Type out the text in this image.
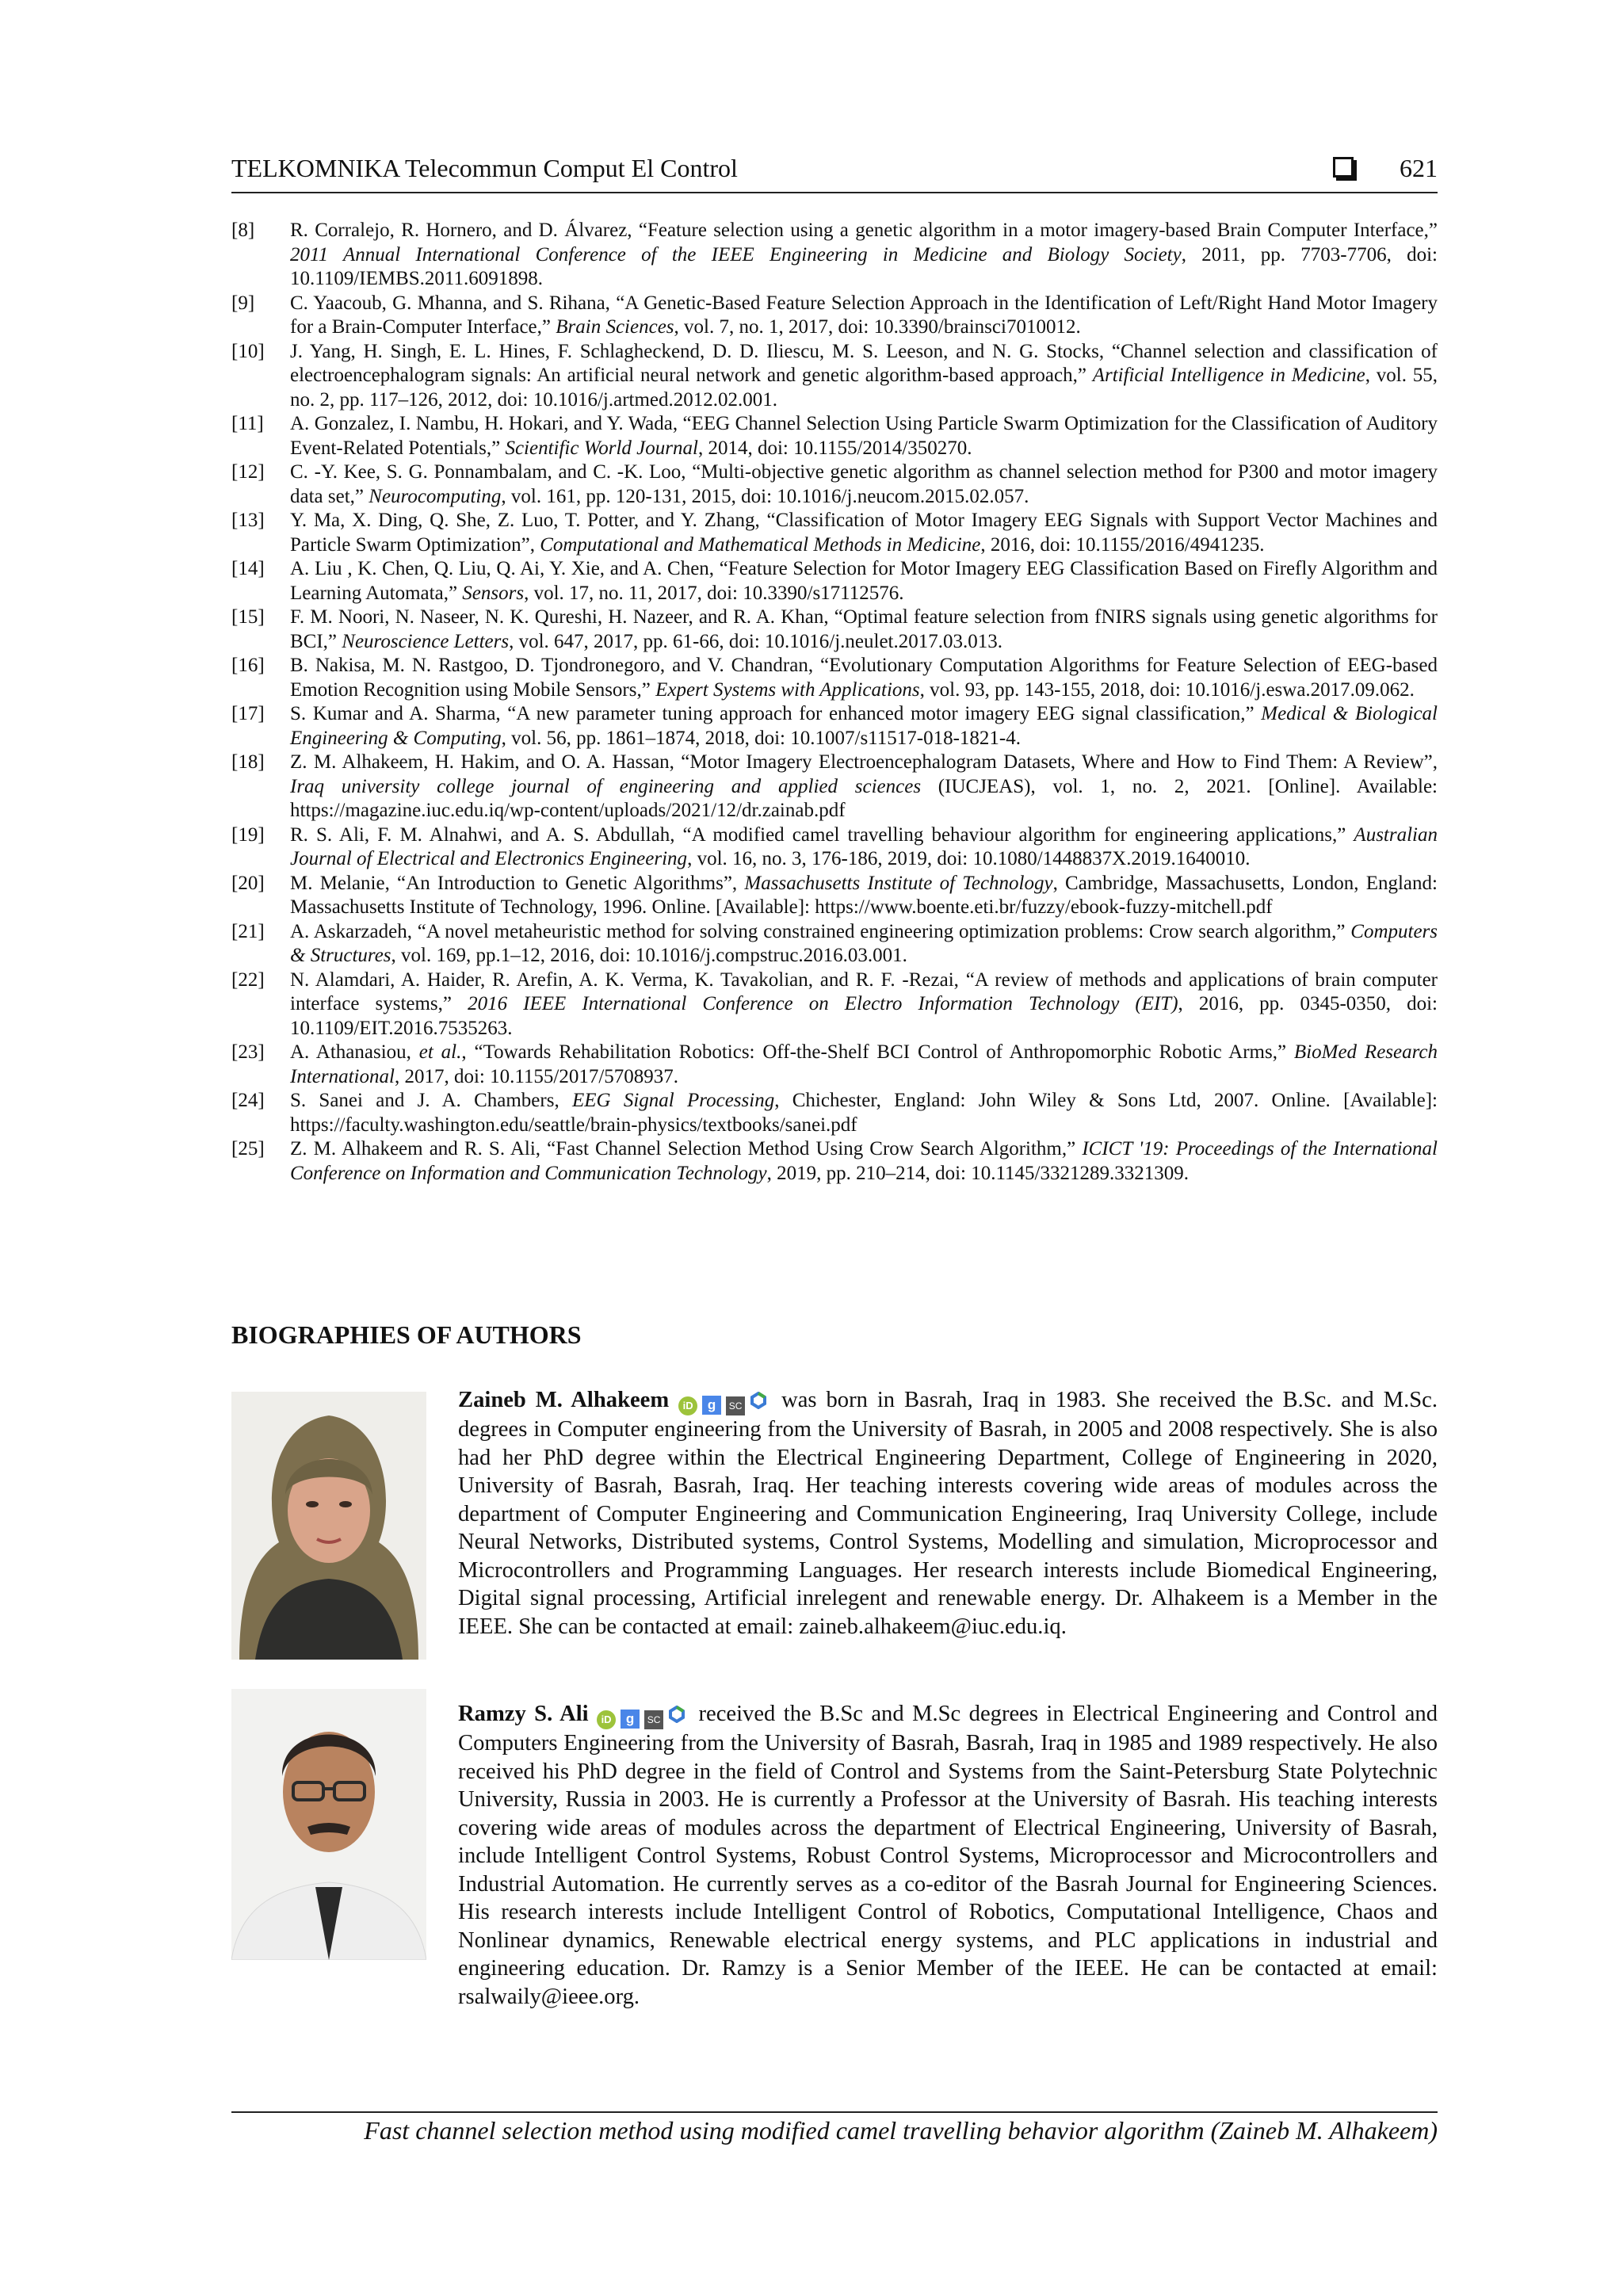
TELKOMNIKA Telecommun Comput El Control	621
[8]	R. Corralejo, R. Hornero, and D. Álvarez, “Feature selection using a genetic algorithm in a motor imagery-based Brain Computer Interface,” 2011 Annual International Conference of the IEEE Engineering in Medicine and Biology Society, 2011, pp. 7703-7706, doi: 10.1109/IEMBS.2011.6091898.
[9]	C. Yaacoub, G. Mhanna, and S. Rihana, “A Genetic-Based Feature Selection Approach in the Identification of Left/Right Hand Motor Imagery for a Brain-Computer Interface,” Brain Sciences, vol. 7, no. 1, 2017, doi: 10.3390/brainsci7010012.
[10]	J. Yang, H. Singh, E. L. Hines, F. Schlagheckend, D. D. Iliescu, M. S. Leeson, and N. G. Stocks, “Channel selection and classification of electroencephalogram signals: An artificial neural network and genetic algorithm-based approach,” Artificial Intelligence in Medicine, vol. 55, no. 2, pp. 117–126, 2012, doi: 10.1016/j.artmed.2012.02.001.
[11]	A. Gonzalez, I. Nambu, H. Hokari, and Y. Wada, “EEG Channel Selection Using Particle Swarm Optimization for the Classification of Auditory Event-Related Potentials,” Scientific World Journal, 2014, doi: 10.1155/2014/350270.
[12]	C. -Y. Kee, S. G. Ponnambalam, and C. -K. Loo, “Multi-objective genetic algorithm as channel selection method for P300 and motor imagery data set,” Neurocomputing, vol. 161, pp. 120-131, 2015, doi: 10.1016/j.neucom.2015.02.057.
[13]	Y. Ma, X. Ding, Q. She, Z. Luo, T. Potter, and Y. Zhang, “Classification of Motor Imagery EEG Signals with Support Vector Machines and Particle Swarm Optimization”, Computational and Mathematical Methods in Medicine, 2016, doi: 10.1155/2016/4941235.
[14]	A. Liu , K. Chen, Q. Liu, Q. Ai, Y. Xie, and A. Chen, “Feature Selection for Motor Imagery EEG Classification Based on Firefly Algorithm and Learning Automata,” Sensors, vol. 17, no. 11, 2017, doi: 10.3390/s17112576.
[15]	F. M. Noori, N. Naseer, N. K. Qureshi, H. Nazeer, and R. A. Khan, “Optimal feature selection from fNIRS signals using genetic algorithms for BCI,” Neuroscience Letters, vol. 647, 2017, pp. 61-66, doi: 10.1016/j.neulet.2017.03.013.
[16]	B. Nakisa, M. N. Rastgoo, D. Tjondronegoro, and V. Chandran, “Evolutionary Computation Algorithms for Feature Selection of EEG-based Emotion Recognition using Mobile Sensors,” Expert Systems with Applications, vol. 93, pp. 143-155, 2018, doi: 10.1016/j.eswa.2017.09.062.
[17]	S. Kumar and A. Sharma, “A new parameter tuning approach for enhanced motor imagery EEG signal classification,” Medical & Biological Engineering & Computing, vol. 56, pp. 1861–1874, 2018, doi: 10.1007/s11517-018-1821-4.
[18]	Z. M. Alhakeem, H. Hakim, and O. A. Hassan, “Motor Imagery Electroencephalogram Datasets, Where and How to Find Them: A Review”, Iraq university college journal of engineering and applied sciences (IUCJEAS), vol. 1, no. 2, 2021. [Online]. Available: https://magazine.iuc.edu.iq/wp-content/uploads/2021/12/dr.zainab.pdf
[19]	R. S. Ali, F. M. Alnahwi, and A. S. Abdullah, “A modified camel travelling behaviour algorithm for engineering applications,” Australian Journal of Electrical and Electronics Engineering, vol. 16, no. 3, 176-186, 2019, doi: 10.1080/1448837X.2019.1640010.
[20]	M. Melanie, “An Introduction to Genetic Algorithms”, Massachusetts Institute of Technology, Cambridge, Massachusetts, London, England: Massachusetts Institute of Technology, 1996. Online. [Available]: https://www.boente.eti.br/fuzzy/ebook-fuzzy-mitchell.pdf
[21]	A. Askarzadeh, “A novel metaheuristic method for solving constrained engineering optimization problems: Crow search algorithm,” Computers & Structures, vol. 169, pp.1–12, 2016, doi: 10.1016/j.compstruc.2016.03.001.
[22]	N. Alamdari, A. Haider, R. Arefin, A. K. Verma, K. Tavakolian, and R. F. -Rezai, “A review of methods and applications of brain computer interface systems,” 2016 IEEE International Conference on Electro Information Technology (EIT), 2016, pp. 0345-0350, doi: 10.1109/EIT.2016.7535263.
[23]	A. Athanasiou, et al., “Towards Rehabilitation Robotics: Off-the-Shelf BCI Control of Anthropomorphic Robotic Arms,” BioMed Research International, 2017, doi: 10.1155/2017/5708937.
[24]	S. Sanei and J. A. Chambers, EEG Signal Processing, Chichester, England: John Wiley & Sons Ltd, 2007. Online. [Available]: https://faculty.washington.edu/seattle/brain-physics/textbooks/sanei.pdf
[25]	Z. M. Alhakeem and R. S. Ali, “Fast Channel Selection Method Using Crow Search Algorithm,” ICICT '19: Proceedings of the International Conference on Information and Communication Technology, 2019, pp. 210–214, doi: 10.1145/3321289.3321309.
BIOGRAPHIES OF AUTHORS
Zaineb M. Alhakeem iD g SC was born in Basrah, Iraq in 1983. She received the B.Sc. and M.Sc. degrees in Computer engineering from the University of Basrah, in 2005 and 2008 respectively. She is also had her PhD degree within the Electrical Engineering Department, College of Engineering in 2020, University of Basrah, Basrah, Iraq. Her teaching interests covering wide areas of modules across the department of Computer Engineering and Communication Engineering, Iraq University College, include Neural Networks, Distributed systems, Control Systems, Modelling and simulation, Microprocessor and Microcontrollers and Programming Languages. Her research interests include Biomedical Engineering, Digital signal processing, Artificial inrelegent and renewable energy. Dr. Alhakeem is a Member in the IEEE. She can be contacted at email: zaineb.alhakeem@iuc.edu.iq.
Ramzy S. Ali iD g SC received the B.Sc and M.Sc degrees in Electrical Engineering and Control and Computers Engineering from the University of Basrah, Basrah, Iraq in 1985 and 1989 respectively. He also received his PhD degree in the field of Control and Systems from the Saint-Petersburg State Polytechnic University, Russia in 2003. He is currently a Professor at the University of Basrah. His teaching interests covering wide areas of modules across the department of Electrical Engineering, University of Basrah, include Intelligent Control Systems, Robust Control Systems, Microprocessor and Microcontrollers and Industrial Automation. He currently serves as a co-editor of the Basrah Journal for Engineering Sciences. His research interests include Intelligent Control of Robotics, Computational Intelligence, Chaos and Nonlinear dynamics, Renewable electrical energy systems, and PLC applications in industrial and engineering education. Dr. Ramzy is a Senior Member of the IEEE. He can be contacted at email: rsalwaily@ieee.org.
Fast channel selection method using modified camel travelling behavior algorithm (Zaineb M. Alhakeem)
